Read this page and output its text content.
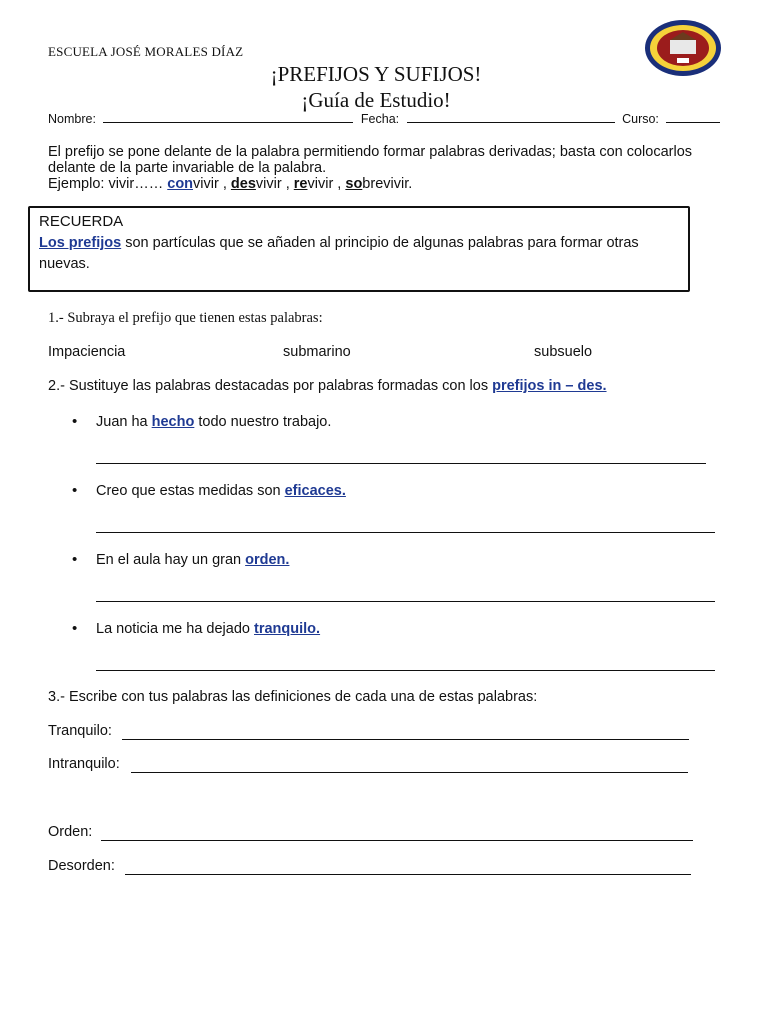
ESCUELA JOSÉ MORALES DÍAZ
¡PREFIJOS Y SUFIJOS!
¡Guía de Estudio!
Nombre:	Fecha:	Curso:
El prefijo se pone delante de la palabra permitiendo formar palabras derivadas; basta con colocarlos delante de la parte invariable de la palabra.
Ejemplo: vivir…… convivir , desvivir , revivir , sobrevivir.
RECUERDA
Los prefijos son partículas que se añaden al principio de algunas palabras para formar otras nuevas.
1.- Subraya el prefijo que tienen estas palabras:
Impaciencia	submarino	subsuelo
2.- Sustituye las palabras destacadas por palabras formadas con los prefijos in – des.
• Juan ha hecho todo nuestro trabajo.
• Creo que estas medidas son eficaces.
• En el aula hay un gran orden.
• La noticia me ha dejado tranquilo.
3.- Escribe con tus palabras las definiciones de cada una de estas palabras:
Tranquilo:
Intranquilo:
Orden:
Desorden:
